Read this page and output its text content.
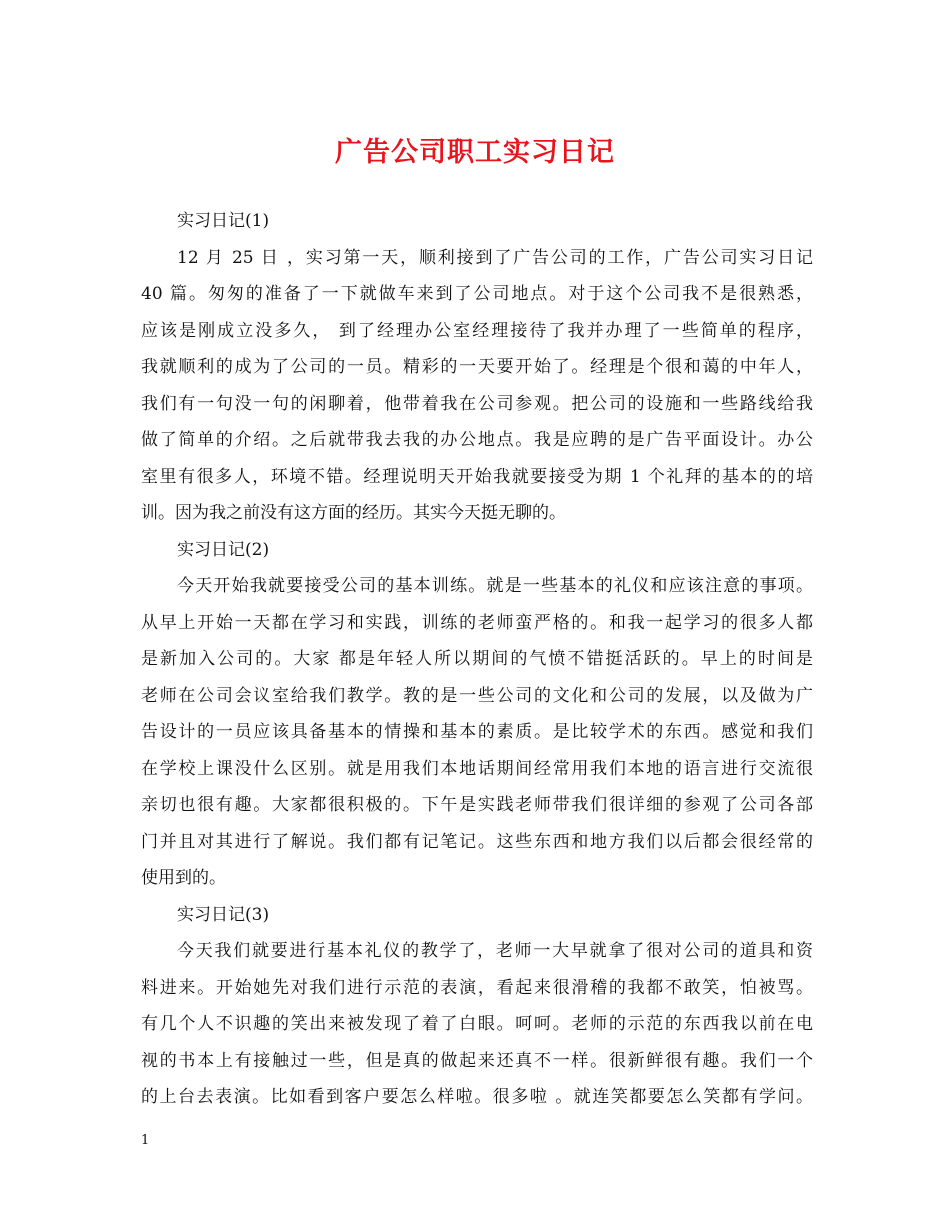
广告公司职工实习日记
实习日记(1)
12 月 25 日 ，实习第一天，顺利接到了广告公司的工作，广告公司实习日记
40 篇。匆匆的准备了一下就做车来到了公司地点。对于这个公司我不是很熟悉，
应该是刚成立没多久， 到了经理办公室经理接待了我并办理了一些简单的程序，
我就顺利的成为了公司的一员。精彩的一天要开始了。经理是个很和蔼的中年人，
我们有一句没一句的闲聊着，他带着我在公司参观。把公司的设施和一些路线给我
做了简单的介绍。之后就带我去我的办公地点。我是应聘的是广告平面设计。办公
室里有很多人，环境不错。经理说明天开始我就要接受为期 1 个礼拜的基本的的培
训。因为我之前没有这方面的经历。其实今天挺无聊的。
实习日记(2)
今天开始我就要接受公司的基本训练。就是一些基本的礼仪和应该注意的事项。
从早上开始一天都在学习和实践，训练的老师蛮严格的。和我一起学习的很多人都
是新加入公司的。大家 都是年轻人所以期间的气愤不错挺活跃的。早上的时间是
老师在公司会议室给我们教学。教的是一些公司的文化和公司的发展，以及做为广
告设计的一员应该具备基本的情操和基本的素质。是比较学术的东西。感觉和我们
在学校上课没什么区别。就是用我们本地话期间经常用我们本地的语言进行交流很
亲切也很有趣。大家都很积极的。下午是实践老师带我们很详细的参观了公司各部
门并且对其进行了解说。我们都有记笔记。这些东西和地方我们以后都会很经常的
使用到的。
实习日记(3)
今天我们就要进行基本礼仪的教学了，老师一大早就拿了很对公司的道具和资
料进来。开始她先对我们进行示范的表演，看起来很滑稽的我都不敢笑，怕被骂。
有几个人不识趣的笑出来被发现了着了白眼。呵呵。老师的示范的东西我以前在电
视的书本上有接触过一些，但是真的做起来还真不一样。很新鲜很有趣。我们一个
的上台去表演。比如看到客户要怎么样啦。很多啦 。就连笑都要怎么笑都有学问。
1
